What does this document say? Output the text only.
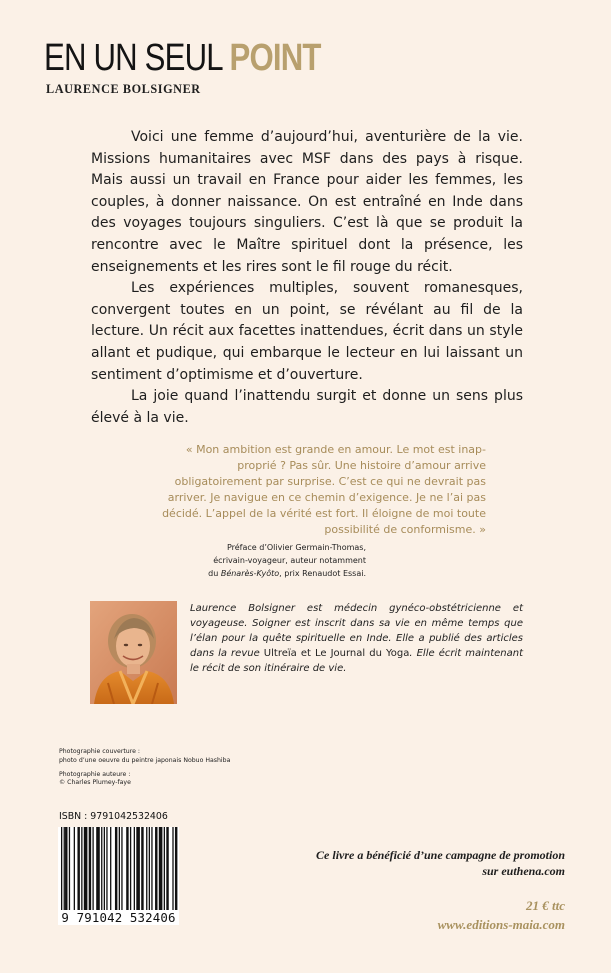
EN UN SEUL POINT
LAURENCE BOLSIGNER

Voici une femme d’aujourd’hui, aventurière de la vie. Missions humanitaires avec MSF dans des pays à risque. Mais aussi un travail en France pour aider les femmes, les couples, à donner naissance. On est entraîné en Inde dans des voyages toujours singuliers. C’est là que se produit la rencontre avec le Maître spirituel dont la présence, les enseignements et les rires sont le fil rouge du récit.

Les expériences multiples, souvent romanesques, convergent toutes en un point, se révélant au fil de la lecture. Un récit aux facettes inattendues, écrit dans un style allant et pudique, qui embarque le lecteur en lui laissant un sentiment d’optimisme et d’ouverture.

La joie quand l’inattendu surgit et donne un sens plus élevé à la vie.

« Mon ambition est grande en amour. Le mot est inap-proprié ? Pas sûr. Une histoire d’amour arrive obligatoirement par surprise. C’est ce qui ne devrait pas arriver. Je navigue en ce chemin d’exigence. Je ne l’ai pas décidé. L’appel de la vérité est fort. Il éloigne de moi toute possibilité de conformisme. »

Préface d’Olivier Germain-Thomas,
écrivain-voyageur, auteur notamment
du Bénarès-Kyôto, prix Renaudot Essai.

Laurence Bolsigner est médecin gynéco-obstétricienne et voyageuse. Soigner est inscrit dans sa vie en même temps que l’élan pour la quête spirituelle en Inde. Elle a publié des articles dans la revue Ultreïa et Le Journal du Yoga. Elle écrit maintenant le récit de son itinéraire de vie.

Photographie couverture :
photo d’une oeuvre du peintre japonais Nobuo Hashiba
Photographie auteure :
© Charles Plumey-faye
ISBN : 9791042532406
9 791042 532406
Ce livre a bénéficié d’une campagne de promotion
sur euthena.com
21 € ttc
www.editions-maia.com
